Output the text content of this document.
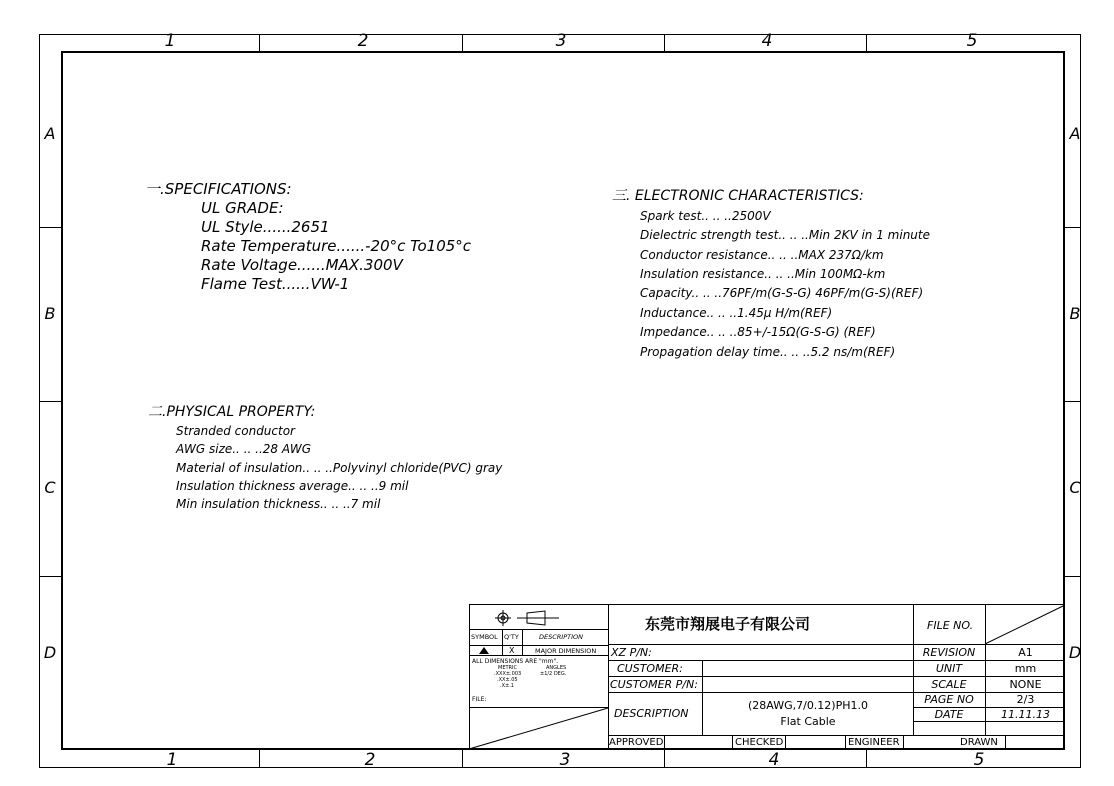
1	2	3	4	5
1	2	3	4	5
A
B
C
D
A
B
C
D
一.SPECIFICATIONS:
UL GRADE:
UL Style......2651
Rate Temperature......-20°c To105°c
Rate Voltage......MAX.300V
Flame Test......VW-1
二.PHYSICAL PROPERTY:
Stranded conductor
AWG size.. .. ..28 AWG
Material of insulation.. .. ..Polyvinyl chloride(PVC) gray
Insulation thickness average.. .. ..9 mil
Min insulation thickness.. .. ..7 mil
三. ELECTRONIC CHARACTERISTICS:
Spark test.. .. ..2500V
Dielectric strength test.. .. ..Min 2KV in 1 minute
Conductor resistance.. .. ..MAX 237Ω/km
Insulation resistance.. .. ..Min 100MΩ-km
Capacity.. .. ..76PF/m(G-S-G) 46PF/m(G-S)(REF)
Inductance.. .. ..1.45μ H/m(REF)
Impedance.. .. ..85+/-15Ω(G-S-G) (REF)
Propagation delay time.. .. ..5.2 ns/m(REF)
SYMBOL Q'TY	DESCRIPTION
X	MAJOR DIMENSION
ALL DIMENSIONS ARE "mm".
METRIC	ANGLES
.XXX±.003	±1/2 DEG.
.XX±.05
.X±.1
FILE:
东莞市翔展电子有限公司
XZ P/N:
CUSTOMER:
CUSTOMER P/N:
DESCRIPTION
(28AWG,7/0.12)PH1.0
Flat Cable
APPROVED	CHECKED	ENGINEER	DRAWN
FILE NO.
REVISION	A1
UNIT	mm
SCALE	NONE
PAGE NO	2/3
DATE	11.11.13
